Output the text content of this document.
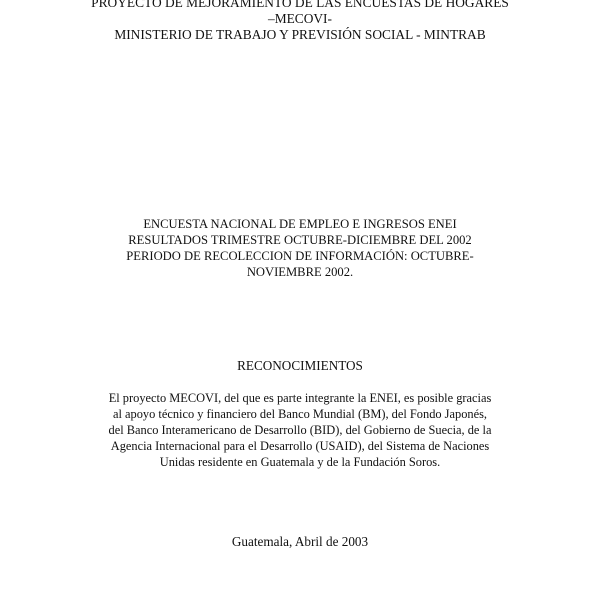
PROYECTO DE MEJORAMIENTO DE LAS ENCUESTAS DE HOGARES
–MECOVI-
MINISTERIO DE TRABAJO Y PREVISIÓN SOCIAL - MINTRAB
ENCUESTA NACIONAL DE EMPLEO E INGRESOS ENEI
RESULTADOS TRIMESTRE OCTUBRE-DICIEMBRE DEL 2002
PERIODO DE RECOLECCION DE INFORMACIÓN: OCTUBRE-
NOVIEMBRE 2002.
RECONOCIMIENTOS
El proyecto MECOVI, del que es parte integrante la ENEI, es posible gracias
al apoyo técnico y financiero del Banco Mundial (BM), del Fondo Japonés,
del Banco Interamericano de Desarrollo (BID), del Gobierno de Suecia, de la
Agencia Internacional para el Desarrollo (USAID), del Sistema de Naciones
Unidas residente en Guatemala y de la Fundación Soros.
Guatemala, Abril de 2003
